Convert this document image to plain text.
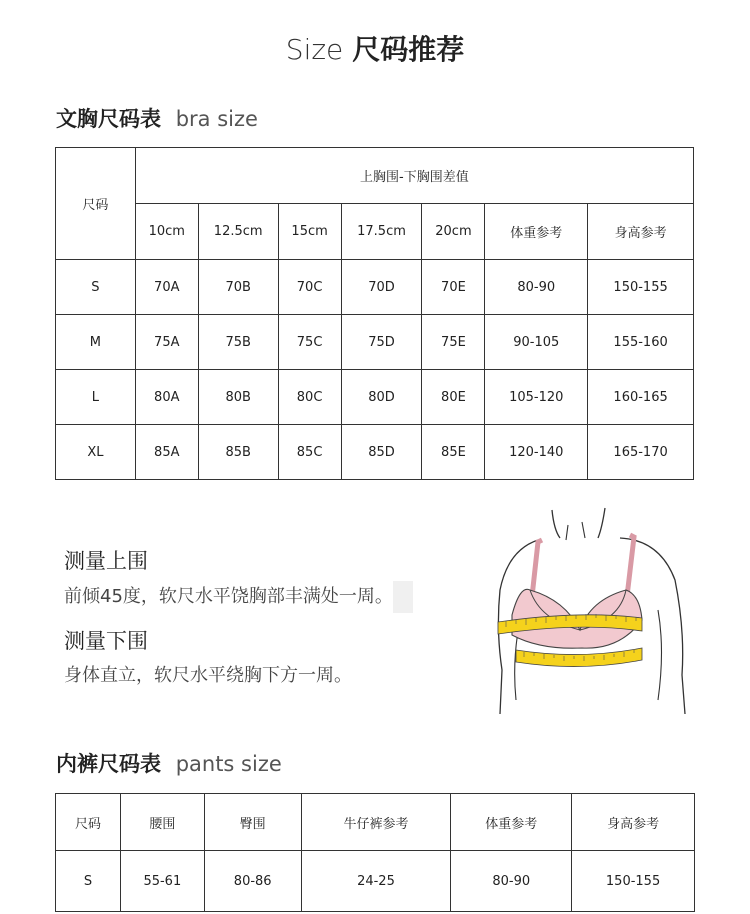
Size 尺码推荐
文胸尺码表 bra size
尺码	上胸围-下胸围差值						
	10cm	12.5cm	15cm	17.5cm	20cm	体重参考	身高参考
S	70A	70B	70C	70D	70E	80-90	150-155
M	75A	75B	75C	75D	75E	90-105	155-160
L	80A	80B	80C	80D	80E	105-120	160-165
XL	85A	85B	85C	85D	85E	120-140	165-170
测量上围
前倾45度，软尺水平饶胸部丰满处一周。
测量下围
身体直立，软尺水平绕胸下方一周。
内裤尺码表 pants size
尺码	腰围	臀围	牛仔裤参考	体重参考	身高参考
S	55-61	80-86	24-25	80-90	150-155
